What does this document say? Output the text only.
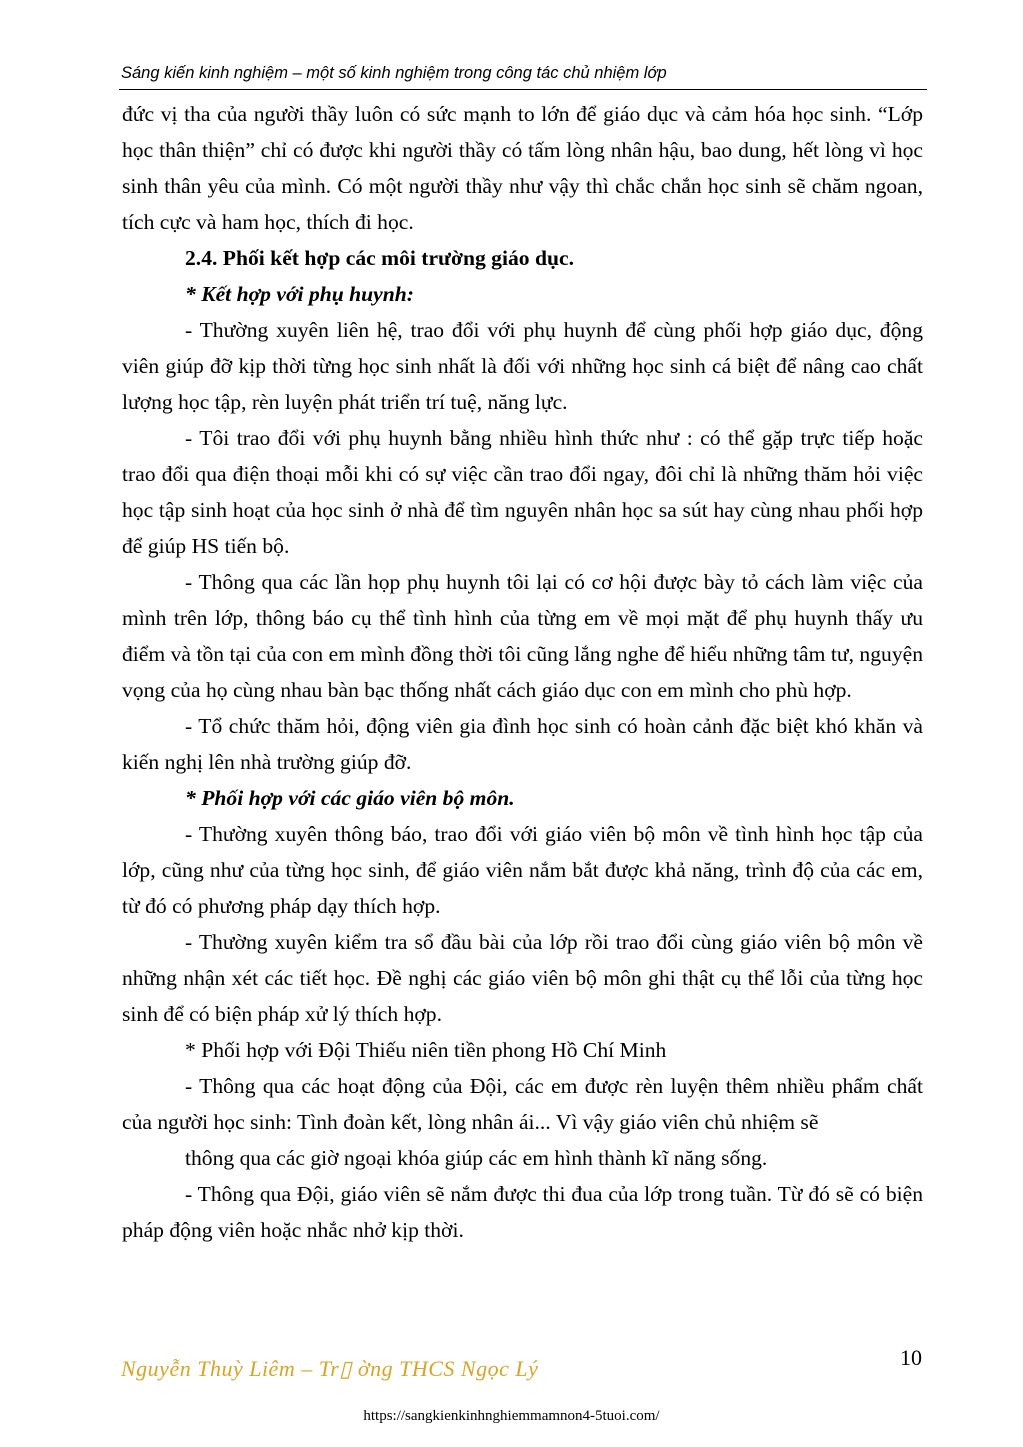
Sáng kiến kinh nghiệm – một số kinh nghiệm trong công tác chủ nhiệm lớp

đức vị tha của người thầy luôn có sức mạnh to lớn để giáo dục và cảm hóa học sinh. “Lớp học thân thiện” chỉ có được khi người thầy có tấm lòng nhân hậu, bao dung, hết lòng vì học sinh thân yêu của mình. Có một người thầy như vậy thì chắc chắn học sinh sẽ chăm ngoan, tích cực và ham học, thích đi học.

2.4. Phối kết hợp các môi trường giáo dục.

* Kết hợp với phụ huynh:

- Thường xuyên liên hệ, trao đổi với phụ huynh để cùng phối hợp giáo dục, động viên giúp đỡ kịp thời từng học sinh nhất là đối với những học sinh cá biệt để nâng cao chất lượng học tập, rèn luyện phát triển trí tuệ, năng lực.

- Tôi trao đổi với phụ huynh bằng nhiều hình thức như : có thể gặp trực tiếp hoặc trao đổi qua điện thoại mỗi khi có sự việc cần trao đổi ngay, đôi chỉ là những thăm hỏi việc học tập sinh hoạt của học sinh ở nhà để tìm nguyên nhân học sa sút hay cùng nhau phối hợp để giúp HS tiến bộ.

- Thông qua các lần họp phụ huynh tôi lại có cơ hội được bày tỏ cách làm việc của mình trên lớp, thông báo cụ thể tình hình của từng em về mọi mặt để phụ huynh thấy ưu điểm và tồn tại của con em mình đồng thời tôi cũng lắng nghe để hiểu những tâm tư, nguyện vọng của họ cùng nhau bàn bạc thống nhất cách giáo dục con em mình cho phù hợp.

- Tổ chức thăm hỏi, động viên gia đình học sinh có hoàn cảnh đặc biệt khó khăn và kiến nghị lên nhà trường giúp đỡ.

* Phối hợp với các giáo viên bộ môn.

- Thường xuyên thông báo, trao đổi với giáo viên bộ môn về tình hình học tập của lớp, cũng như của từng học sinh, để giáo viên nắm bắt được khả năng, trình độ của các em, từ đó có phương pháp dạy thích hợp.

- Thường xuyên kiểm tra sổ đầu bài của lớp rồi trao đổi cùng giáo viên bộ môn về những nhận xét các tiết học. Đề nghị các giáo viên bộ môn ghi thật cụ thể lỗi của từng học sinh để có biện pháp xử lý thích hợp.

* Phối hợp với Đội Thiếu niên tiền phong Hồ Chí Minh

- Thông qua các hoạt động của Đội, các em được rèn luyện thêm nhiều phẩm chất của người học sinh: Tình đoàn kết, lòng nhân ái... Vì vậy giáo viên chủ nhiệm sẽ

thông qua các giờ ngoại khóa giúp các em hình thành kĩ năng sống.

- Thông qua Đội, giáo viên sẽ nắm được thi đua của lớp trong tuần. Từ đó sẽ có biện pháp động viên hoặc nhắc nhở kịp thời.

Nguyễn Thuỳ Liêm – Tr▯ ờng THCS Ngọc Lý	10
https://sangkienkinhnghiemmamnon4-5tuoi.com/
